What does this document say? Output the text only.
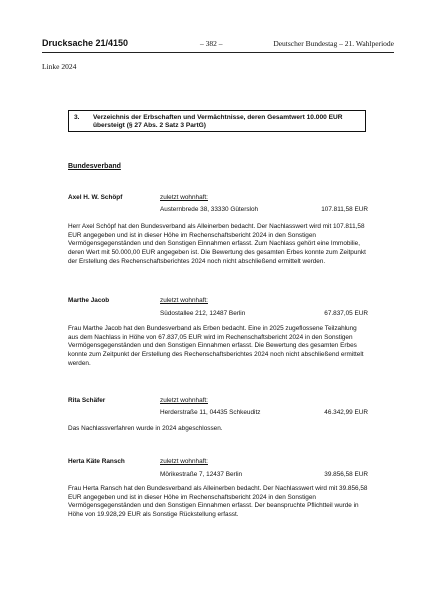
Drucksache 21/4150	– 382 –	Deutscher Bundestag – 21. Wahlperiode
Linke 2024
3. Verzeichnis der Erbschaften und Vermächtnisse, deren Gesamtwert 10.000 EUR übersteigt (§ 27 Abs. 2 Satz 3 PartG)
Bundesverband
Axel H. W. Schöpf	zuletzt wohnhaft:
Austernbrede 38, 33330 Gütersloh	107.811,58 EUR

Herr Axel Schöpf hat den Bundesverband als Alleinerben bedacht. Der Nachlasswert wird mit 107.811,58 EUR angegeben und ist in dieser Höhe im Rechenschaftsbericht 2024 in den Sonstigen Vermögensgegenständen und den Sonstigen Einnahmen erfasst. Zum Nachlass gehört eine Immobilie, deren Wert mit 50.000,00 EUR angegeben ist. Die Bewertung des gesamten Erbes konnte zum Zeitpunkt der Erstellung des Rechenschaftsberichtes 2024 noch nicht abschließend ermittelt werden.

Marthe Jacob	zuletzt wohnhaft:
Südostallee 212, 12487 Berlin	67.837,05 EUR

Frau Marthe Jacob hat den Bundesverband als Erben bedacht. Eine in 2025 zugeflossene Teilzahlung aus dem Nachlass in Höhe von 67.837,05 EUR wird im Rechenschaftsbericht 2024 in den Sonstigen Vermögensgegenständen und den Sonstigen Einnahmen erfasst. Die Bewertung des gesamten Erbes konnte zum Zeitpunkt der Erstellung des Rechenschaftsberichtes 2024 noch nicht abschließend ermittelt werden.

Rita Schäfer	zuletzt wohnhaft:
Herderstraße 11, 04435 Schkeuditz	46.342,99 EUR

Das Nachlassverfahren wurde in 2024 abgeschlossen.

Herta Käte Ransch	zuletzt wohnhaft:
Mörikestraße 7, 12437 Berlin	39.856,58 EUR

Frau Herta Ransch hat den Bundesverband als Alleinerben bedacht. Der Nachlasswert wird mit 39.856,58 EUR angegeben und ist in dieser Höhe im Rechenschaftsbericht 2024 in den Sonstigen Vermögensgegenständen und den Sonstigen Einnahmen erfasst. Der beanspruchte Pflichtteil wurde in Höhe von 19.928,29 EUR als Sonstige Rückstellung erfasst.
